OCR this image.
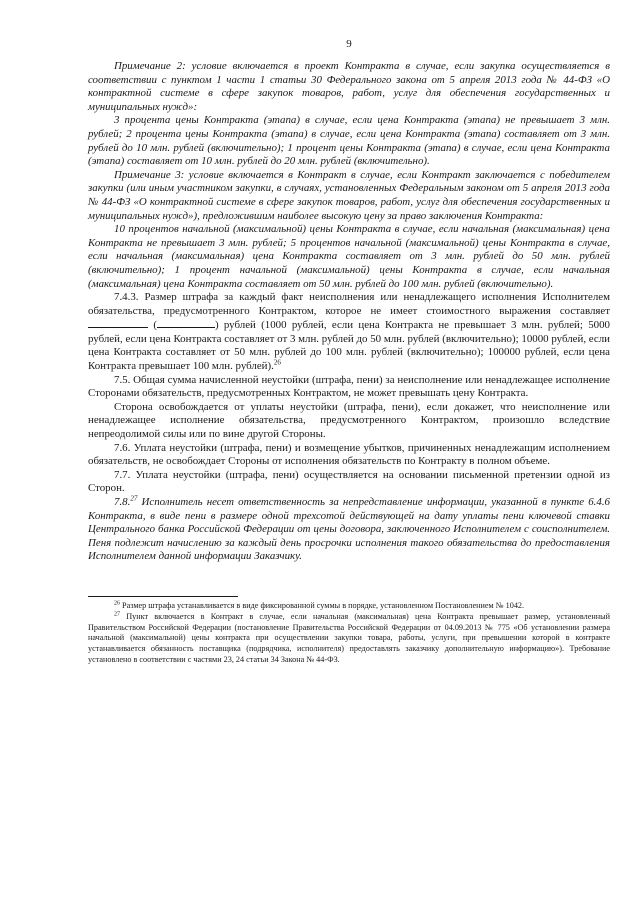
9

Примечание 2: условие включается в проект Контракта в случае, если закупка осуществляется в соответствии с пунктом 1 части 1 статьи 30 Федерального закона от 5 апреля 2013 года № 44-ФЗ «О контрактной системе в сфере закупок товаров, работ, услуг для обеспечения государственных и муниципальных нужд»:

3 процента цены Контракта (этапа) в случае, если цена Контракта (этапа) не превышает 3 млн. рублей; 2 процента цены Контракта (этапа) в случае, если цена Контракта (этапа) составляет от 3 млн. рублей до 10 млн. рублей (включительно); 1 процент цены Контракта (этапа) в случае, если цена Контракта (этапа) составляет от 10 млн. рублей до 20 млн. рублей (включительно).

Примечание 3: условие включается в Контракт в случае, если Контракт заключается с победителем закупки (или иным участником закупки, в случаях, установленных Федеральным законом от 5 апреля 2013 года № 44-ФЗ «О контрактной системе в сфере закупок товаров, работ, услуг для обеспечения государственных и муниципальных нужд»), предложившим наиболее высокую цену за право заключения Контракта:

10 процентов начальной (максимальной) цены Контракта в случае, если начальная (максимальная) цена Контракта не превышает 3 млн. рублей; 5 процентов начальной (максимальной) цены Контракта в случае, если начальная (максимальная) цена Контракта составляет от 3 млн. рублей до 50 млн. рублей (включительно); 1 процент начальной (максимальной) цены Контракта в случае, если начальная (максимальная) цена Контракта составляет от 50 млн. рублей до 100 млн. рублей (включительно).

7.4.3. Размер штрафа за каждый факт неисполнения или ненадлежащего исполнения Исполнителем обязательства, предусмотренного Контрактом, которое не имеет стоимостного выражения составляет  (	) рублей (1000 рублей, если цена Контракта не превышает 3 млн. рублей; 5000 рублей, если цена Контракта составляет от 3 млн. рублей до 50 млн. рублей (включительно); 10000 рублей, если цена Контракта составляет от 50 млн. рублей до 100 млн. рублей (включительно); 100000 рублей, если цена Контракта превышает 100 млн. рублей).$^{26}$

7.5. Общая сумма начисленной неустойки (штрафа, пени) за неисполнение или ненадлежащее исполнение Сторонами обязательств, предусмотренных Контрактом, не может превышать цену Контракта.

Сторона освобождается от уплаты неустойки (штрафа, пени), если докажет, что неисполнение или ненадлежащее исполнение обязательства, предусмотренного Контрактом, произошло вследствие непреодолимой силы или по вине другой Стороны.

7.6. Уплата неустойки (штрафа, пени) и возмещение убытков, причиненных ненадлежащим исполнением обязательств, не освобождает Стороны от исполнения обязательств по Контракту в полном объеме.

7.7. Уплата неустойки (штрафа, пени) осуществляется на основании письменной претензии одной из Сторон.

7.8.27 Исполнитель несет ответственность за непредставление информации, указанной в пункте 6.4.6 Контракта, в виде пени в размере одной трехсотой действующей на дату уплаты пени ключевой ставки Центрального банка Российской Федерации от цены договора, заключенного Исполнителем с соисполнителем. Пеня подлежит начислению за каждый день просрочки исполнения такого обязательства до предоставления Исполнителем данной информации Заказчику.

$^{26}$ Размер штрафа устанавливается в виде фиксированной суммы в порядке, установленном Постановлением № 1042.

$^{27}$ Пункт включается в Контракт в случае, если начальная (максимальная) цена Контракта превышает размер, установленный Правительством Российской Федерации (постановление Правительства Российской Федерации от 04.09.2013 № 775 «Об установлении размера начальной (максимальной) цены контракта при осуществлении закупки товара, работы, услуги, при превышении которой в контракте устанавливается обязанность поставщика (подрядчика, исполнителя) предоставлять заказчику дополнительную информацию»). Требование установлено в соответствии с частями 23, 24 статьи 34 Закона № 44-ФЗ.
